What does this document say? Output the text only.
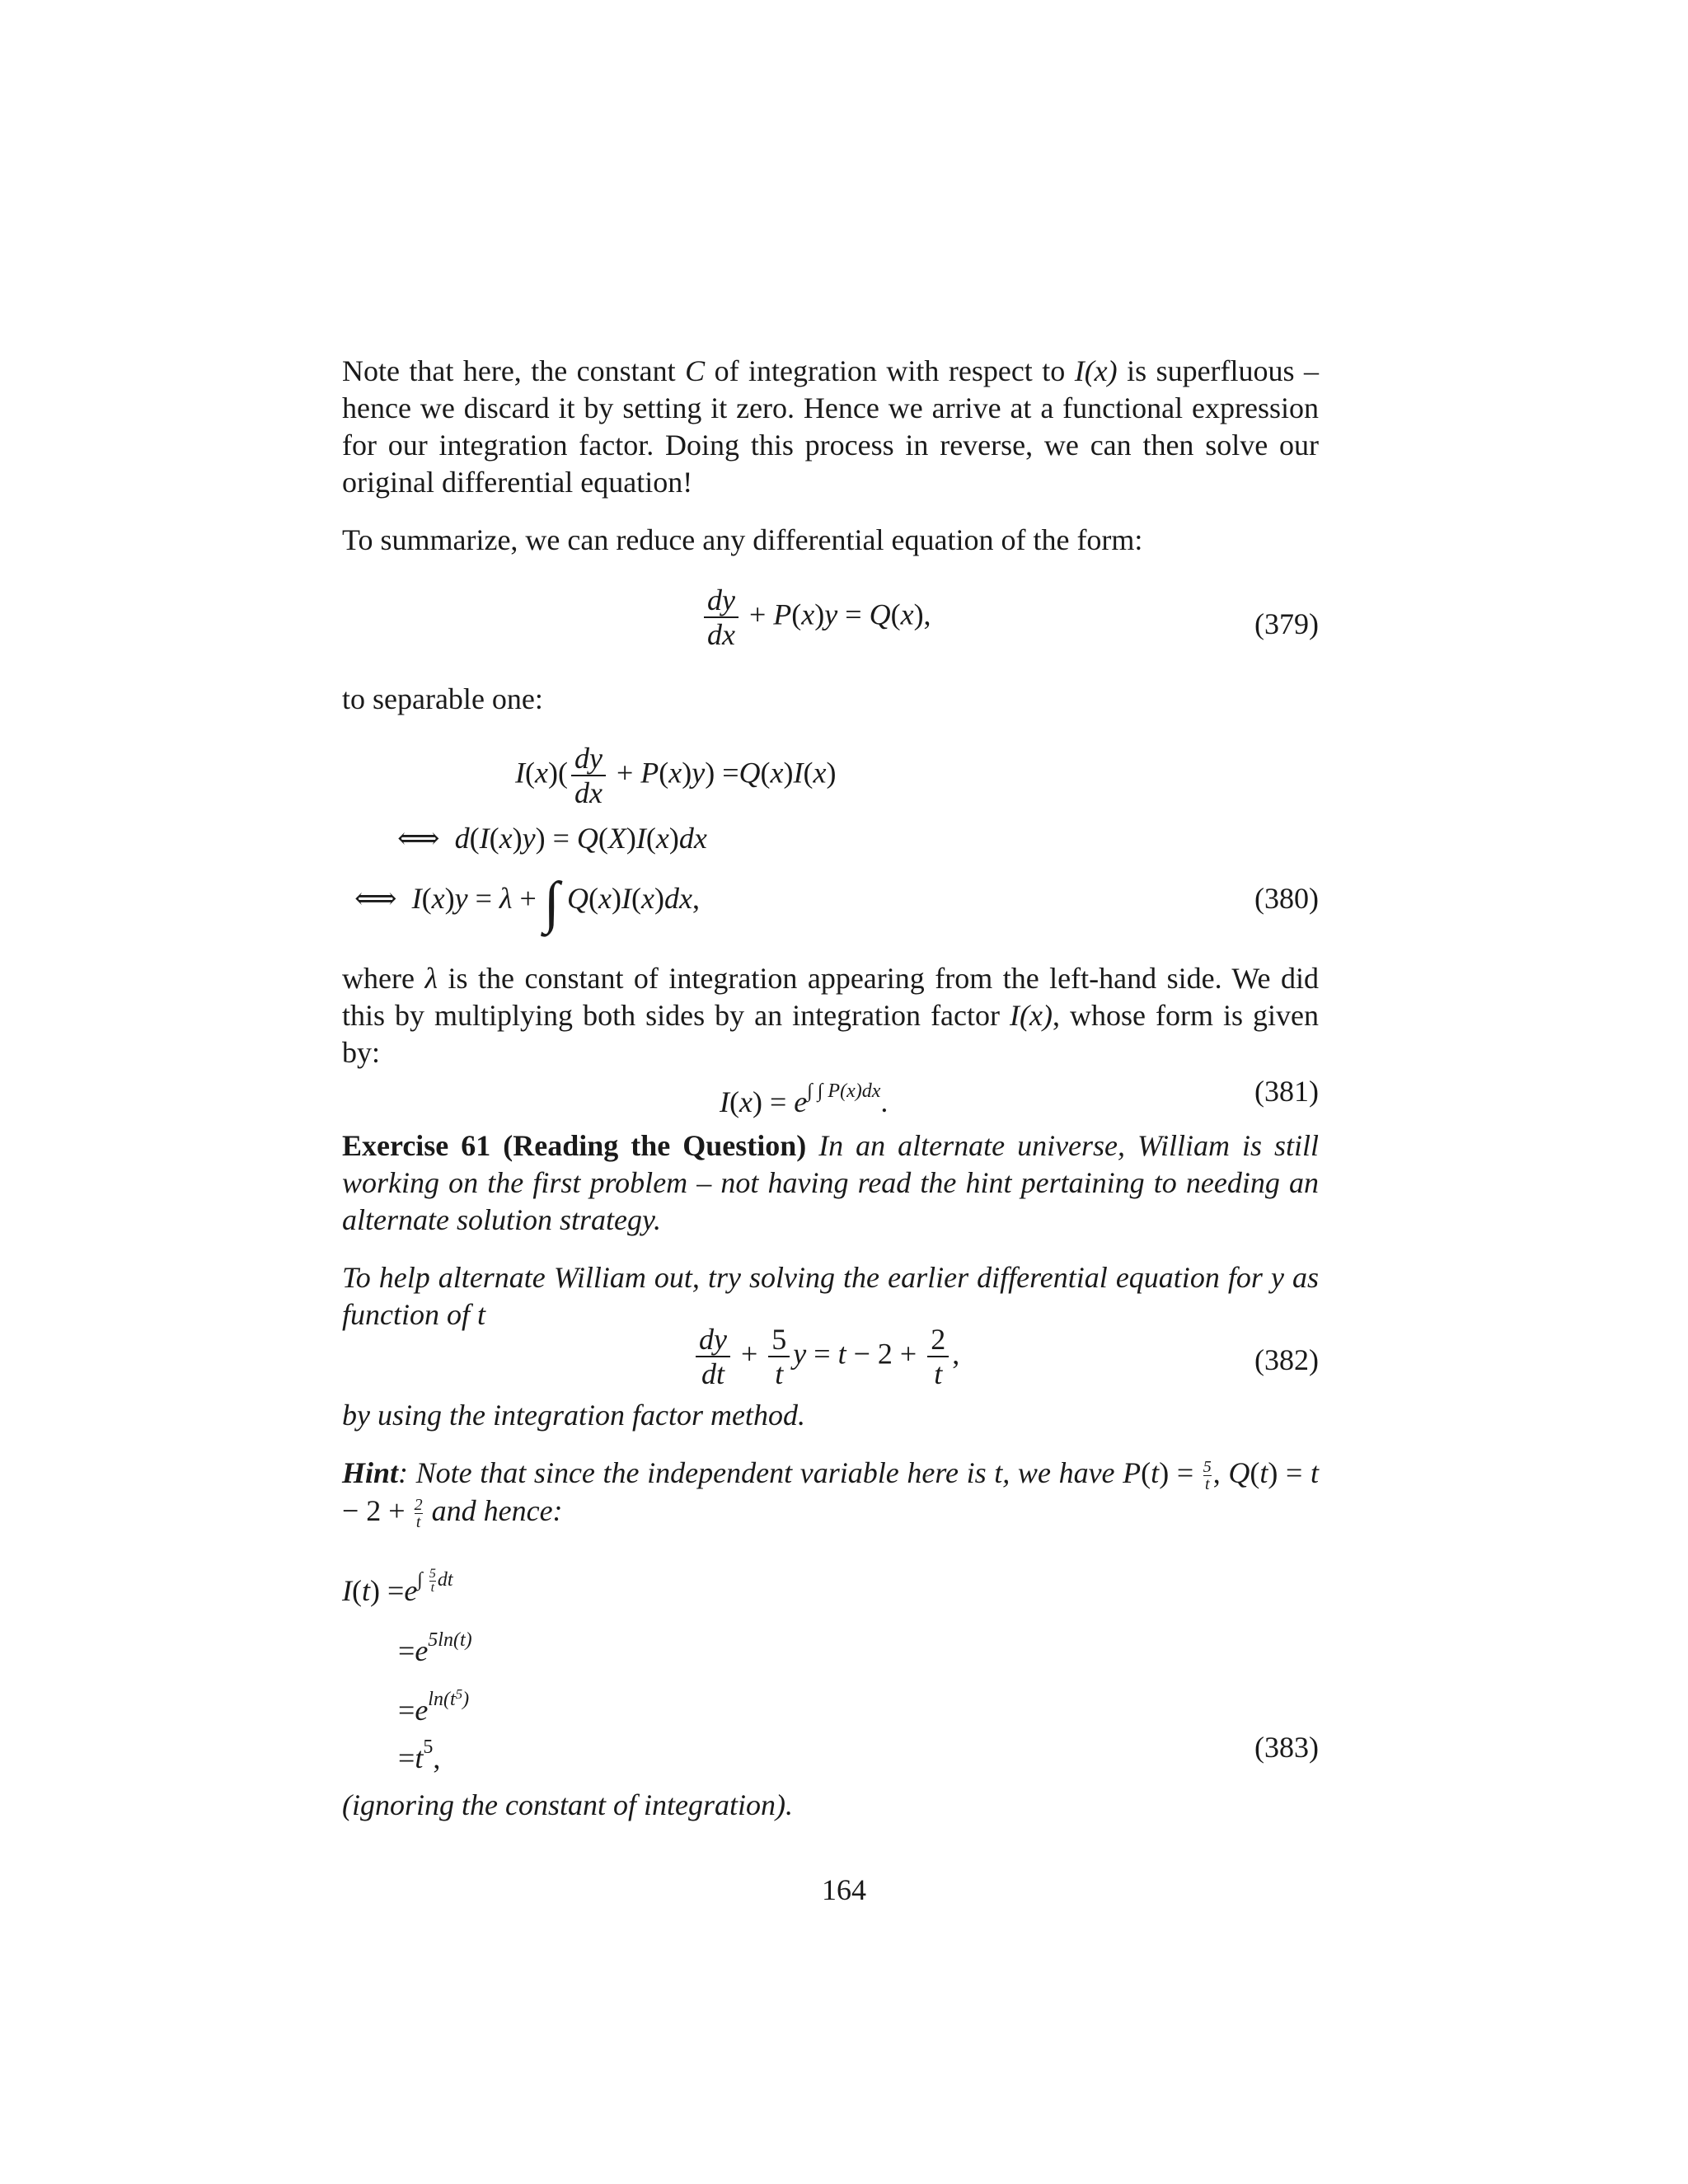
Note that here, the constant C of integration with respect to I(x) is superfluous – hence we discard it by setting it zero. Hence we arrive at a functional expression for our integration factor. Doing this process in reverse, we can then solve our original differential equation!

To summarize, we can reduce any differential equation of the form:

$\frac{dy}{dx} + P(x)y = Q(x)$,	(379)

to separable one:

$I(x)( \frac{dy}{dx} + P(x)y) =Q(x)I(x)$
⟺  d(I(x)y) = Q(X)I(x)dx
⟺  I(x)y = λ + ∫ Q(x)I(x)dx,	(380)

where λ is the constant of integration appearing from the left-hand side. We did this by multiplying both sides by an integration factor I(x), whose form is given by:

$I(x) = e^{\int \int P(x)dx}$.	(381)

Exercise 61 (Reading the Question) In an alternate universe, William is still working on the first problem – not having read the hint pertaining to needing an alternate solution strategy.

To help alternate William out, try solving the earlier differential equation for y as function of t

$\frac{dy}{dt} + \frac{5}{t}$ $y = t - 2 + \frac{2}{t}$ ,	(382)

by using the integration factor method.

Hint: Note that since the independent variable here is t, we have $P(t) = \frac{5}{t}$ , $Q(t) = t - 2 + \frac{2}{t}$ and hence:

$I(t) =e^{\int \frac{5}{t} dt}$
$=e^{5ln(t)}$
$=e^{ln(t^5)}$
$=t^5$,	(383)

(ignoring the constant of integration).

164
